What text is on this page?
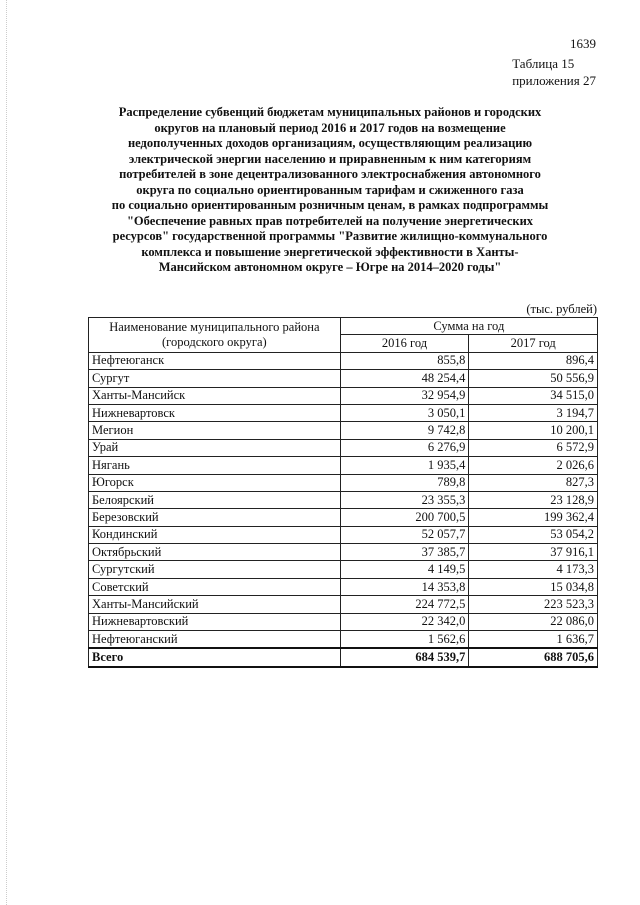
1639
Таблица 15
приложения 27
Распределение субвенций бюджетам муниципальных районов и городских
округов на плановый период 2016 и 2017 годов на возмещение
недополученных доходов организациям, осуществляющим реализацию
электрической энергии населению и приравненным к ним категориям
потребителей в зоне децентрализованного электроснабжения автономного
округа по социально ориентированным тарифам и сжиженного газа
по социально ориентированным розничным ценам, в рамках подпрограммы
"Обеспечение равных прав потребителей на получение энергетических
ресурсов" государственной программы "Развитие жилищно-коммунального
комплекса и повышение энергетической эффективности в Ханты-
Мансийском автономном округе – Югре на 2014–2020 годы"
(тыс. рублей)
Наименование муниципального района (городского округа)	Сумма на год	
	2016 год	2017 год
Нефтеюганск	855,8	896,4
Сургут	48 254,4	50 556,9
Ханты-Мансийск	32 954,9	34 515,0
Нижневартовск	3 050,1	3 194,7
Мегион	9 742,8	10 200,1
Урай	6 276,9	6 572,9
Нягань	1 935,4	2 026,6
Югорск	789,8	827,3
Белоярский	23 355,3	23 128,9
Березовский	200 700,5	199 362,4
Кондинский	52 057,7	53 054,2
Октябрьский	37 385,7	37 916,1
Сургутский	4 149,5	4 173,3
Советский	14 353,8	15 034,8
Ханты-Мансийский	224 772,5	223 523,3
Нижневартовский	22 342,0	22 086,0
Нефтеюганский	1 562,6	1 636,7
Всего	684 539,7	688 705,6
